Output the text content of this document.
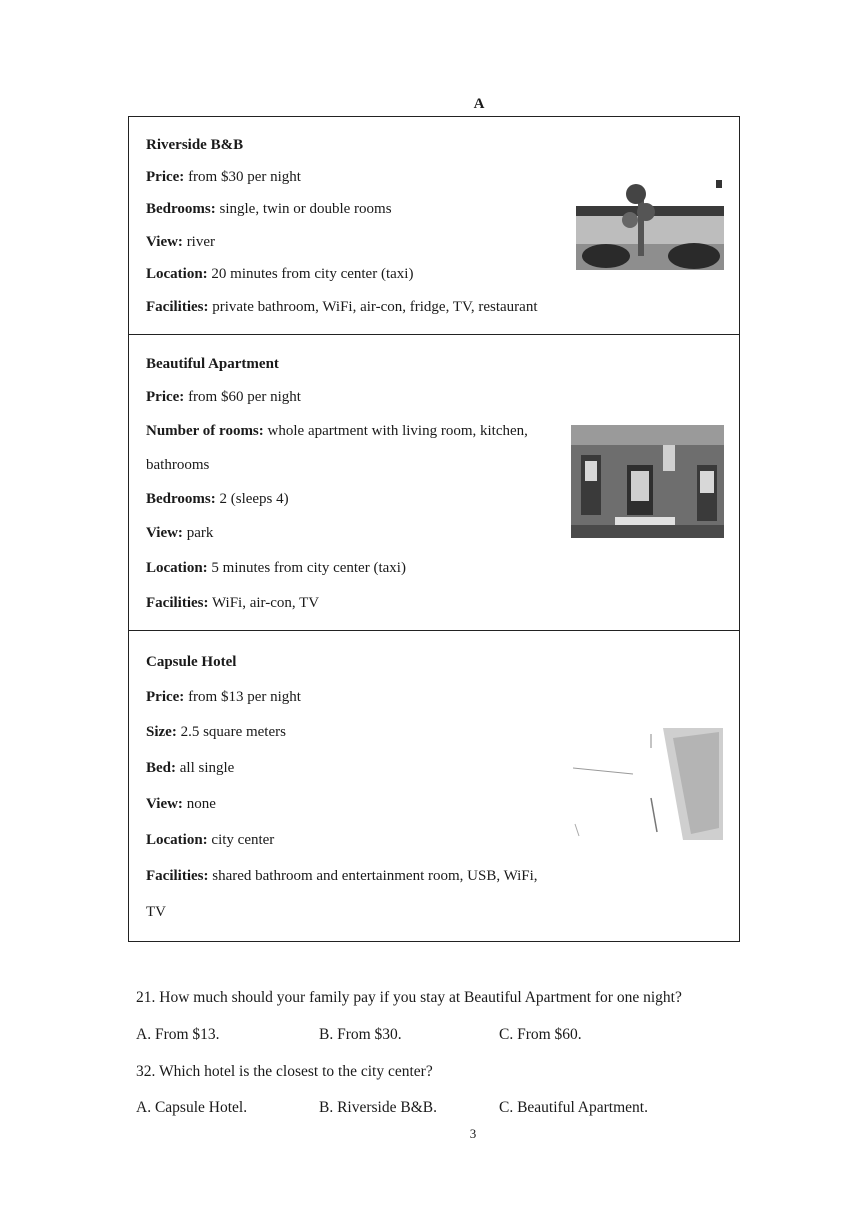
A
Riverside B&B
Price: from $30 per night
Bedrooms: single, twin or double rooms
View: river
Location: 20 minutes from city center (taxi)
Facilities: private bathroom, WiFi, air-con, fridge, TV, restaurant
Beautiful Apartment
Price: from $60 per night
Number of rooms: whole apartment with living room, kitchen,
bathrooms
Bedrooms: 2 (sleeps 4)
View: park
Location: 5 minutes from city center (taxi)
Facilities: WiFi, air-con, TV
Capsule Hotel
Price: from $13 per night
Size: 2.5 square meters
Bed: all single
View: none
Location: city center
Facilities: shared bathroom and entertainment room, USB, WiFi,
TV
21. How much should your family pay if you stay at Beautiful Apartment for one night?
A. From $13.	B. From $30.	C. From $60.
32. Which hotel is the closest to the city center?
A. Capsule Hotel.	B. Riverside B&B.	C. Beautiful Apartment.
3
